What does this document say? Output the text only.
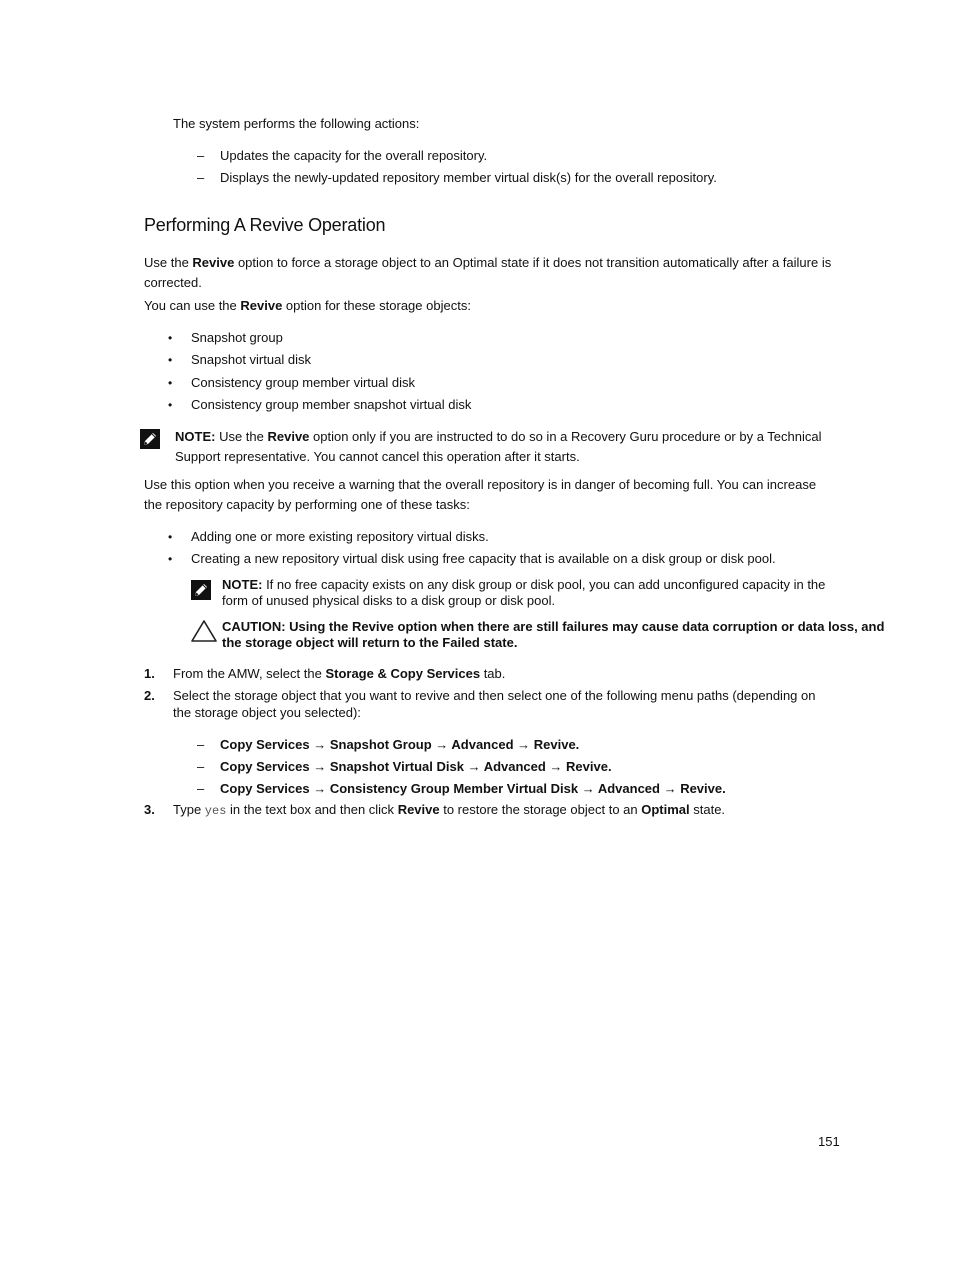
The system performs the following actions:
– Updates the capacity for the overall repository.
– Displays the newly-updated repository member virtual disk(s) for the overall repository.
Performing A Revive Operation
Use the Revive option to force a storage object to an Optimal state if it does not transition automatically after a failure is
corrected.
You can use the Revive option for these storage objects:
• Snapshot group
• Snapshot virtual disk
• Consistency group member virtual disk
• Consistency group member snapshot virtual disk
NOTE: Use the Revive option only if you are instructed to do so in a Recovery Guru procedure or by a Technical
Support representative. You cannot cancel this operation after it starts.
Use this option when you receive a warning that the overall repository is in danger of becoming full. You can increase
the repository capacity by performing one of these tasks:
• Adding one or more existing repository virtual disks.
• Creating a new repository virtual disk using free capacity that is available on a disk group or disk pool.
NOTE: If no free capacity exists on any disk group or disk pool, you can add unconfigured capacity in the
form of unused physical disks to a disk group or disk pool.
CAUTION: Using the Revive option when there are still failures may cause data corruption or data loss, and
the storage object will return to the Failed state.
1. From the AMW, select the Storage & Copy Services tab.
2. Select the storage object that you want to revive and then select one of the following menu paths (depending on
the storage object you selected):
– Copy Services → Snapshot Group → Advanced → Revive.
– Copy Services → Snapshot Virtual Disk → Advanced → Revive.
– Copy Services → Consistency Group Member Virtual Disk → Advanced → Revive.
3. Type yes in the text box and then click Revive to restore the storage object to an Optimal state.
151
